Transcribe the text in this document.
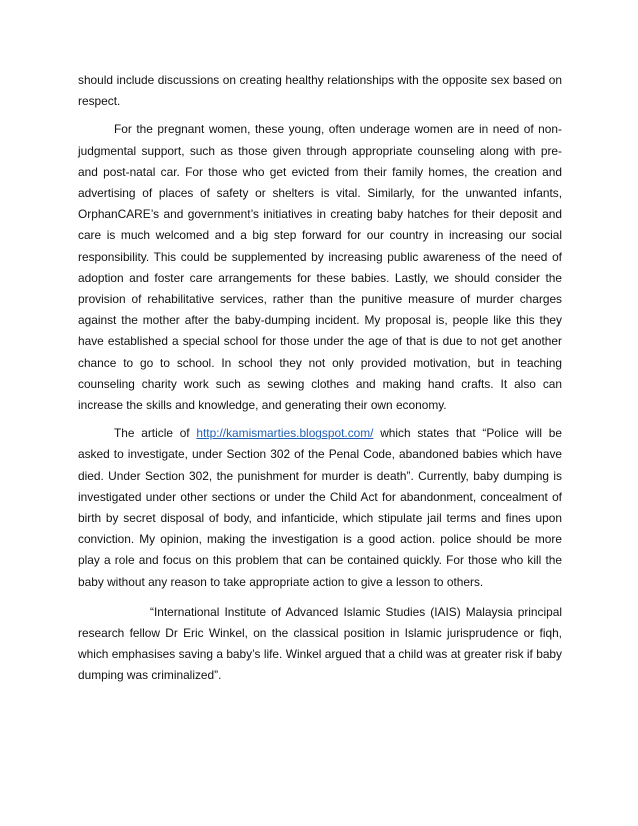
should include discussions on creating healthy relationships with the opposite sex based on respect.

For the pregnant women, these young, often underage women are in need of non-judgmental support, such as those given through appropriate counseling along with pre- and post-natal car. For those who get evicted from their family homes, the creation and advertising of places of safety or shelters is vital. Similarly, for the unwanted infants, OrphanCARE’s and government’s initiatives in creating baby hatches for their deposit and care is much welcomed and a big step forward for our country in increasing our social responsibility. This could be supplemented by increasing public awareness of the need of adoption and foster care arrangements for these babies. Lastly, we should consider the provision of rehabilitative services, rather than the punitive measure of murder charges against the mother after the baby-dumping incident. My proposal is, people like this they have established a special school for those under the age of that is due to not get another chance to go to school. In school they not only provided motivation, but in teaching counseling charity work such as sewing clothes and making hand crafts. It also can increase the skills and knowledge, and generating their own economy.

The article of http://kamismarties.blogspot.com/ which states that “Police will be asked to investigate, under Section 302 of the Penal Code, abandoned babies which have died. Under Section 302, the punishment for murder is death”. Currently, baby dumping is investigated under other sections or under the Child Act for abandonment, concealment of birth by secret disposal of body, and infanticide, which stipulate jail terms and fines upon conviction. My opinion, making the investigation is a good action. police should be more play a role and focus on this problem that can be contained quickly. For those who kill the baby without any reason to take appropriate action to give a lesson to others.

“International Institute of Advanced Islamic Studies (IAIS) Malaysia principal research fellow Dr Eric Winkel, on the classical position in Islamic jurisprudence or fiqh, which emphasises saving a baby’s life. Winkel argued that a child was at greater risk if baby dumping was criminalized”.
